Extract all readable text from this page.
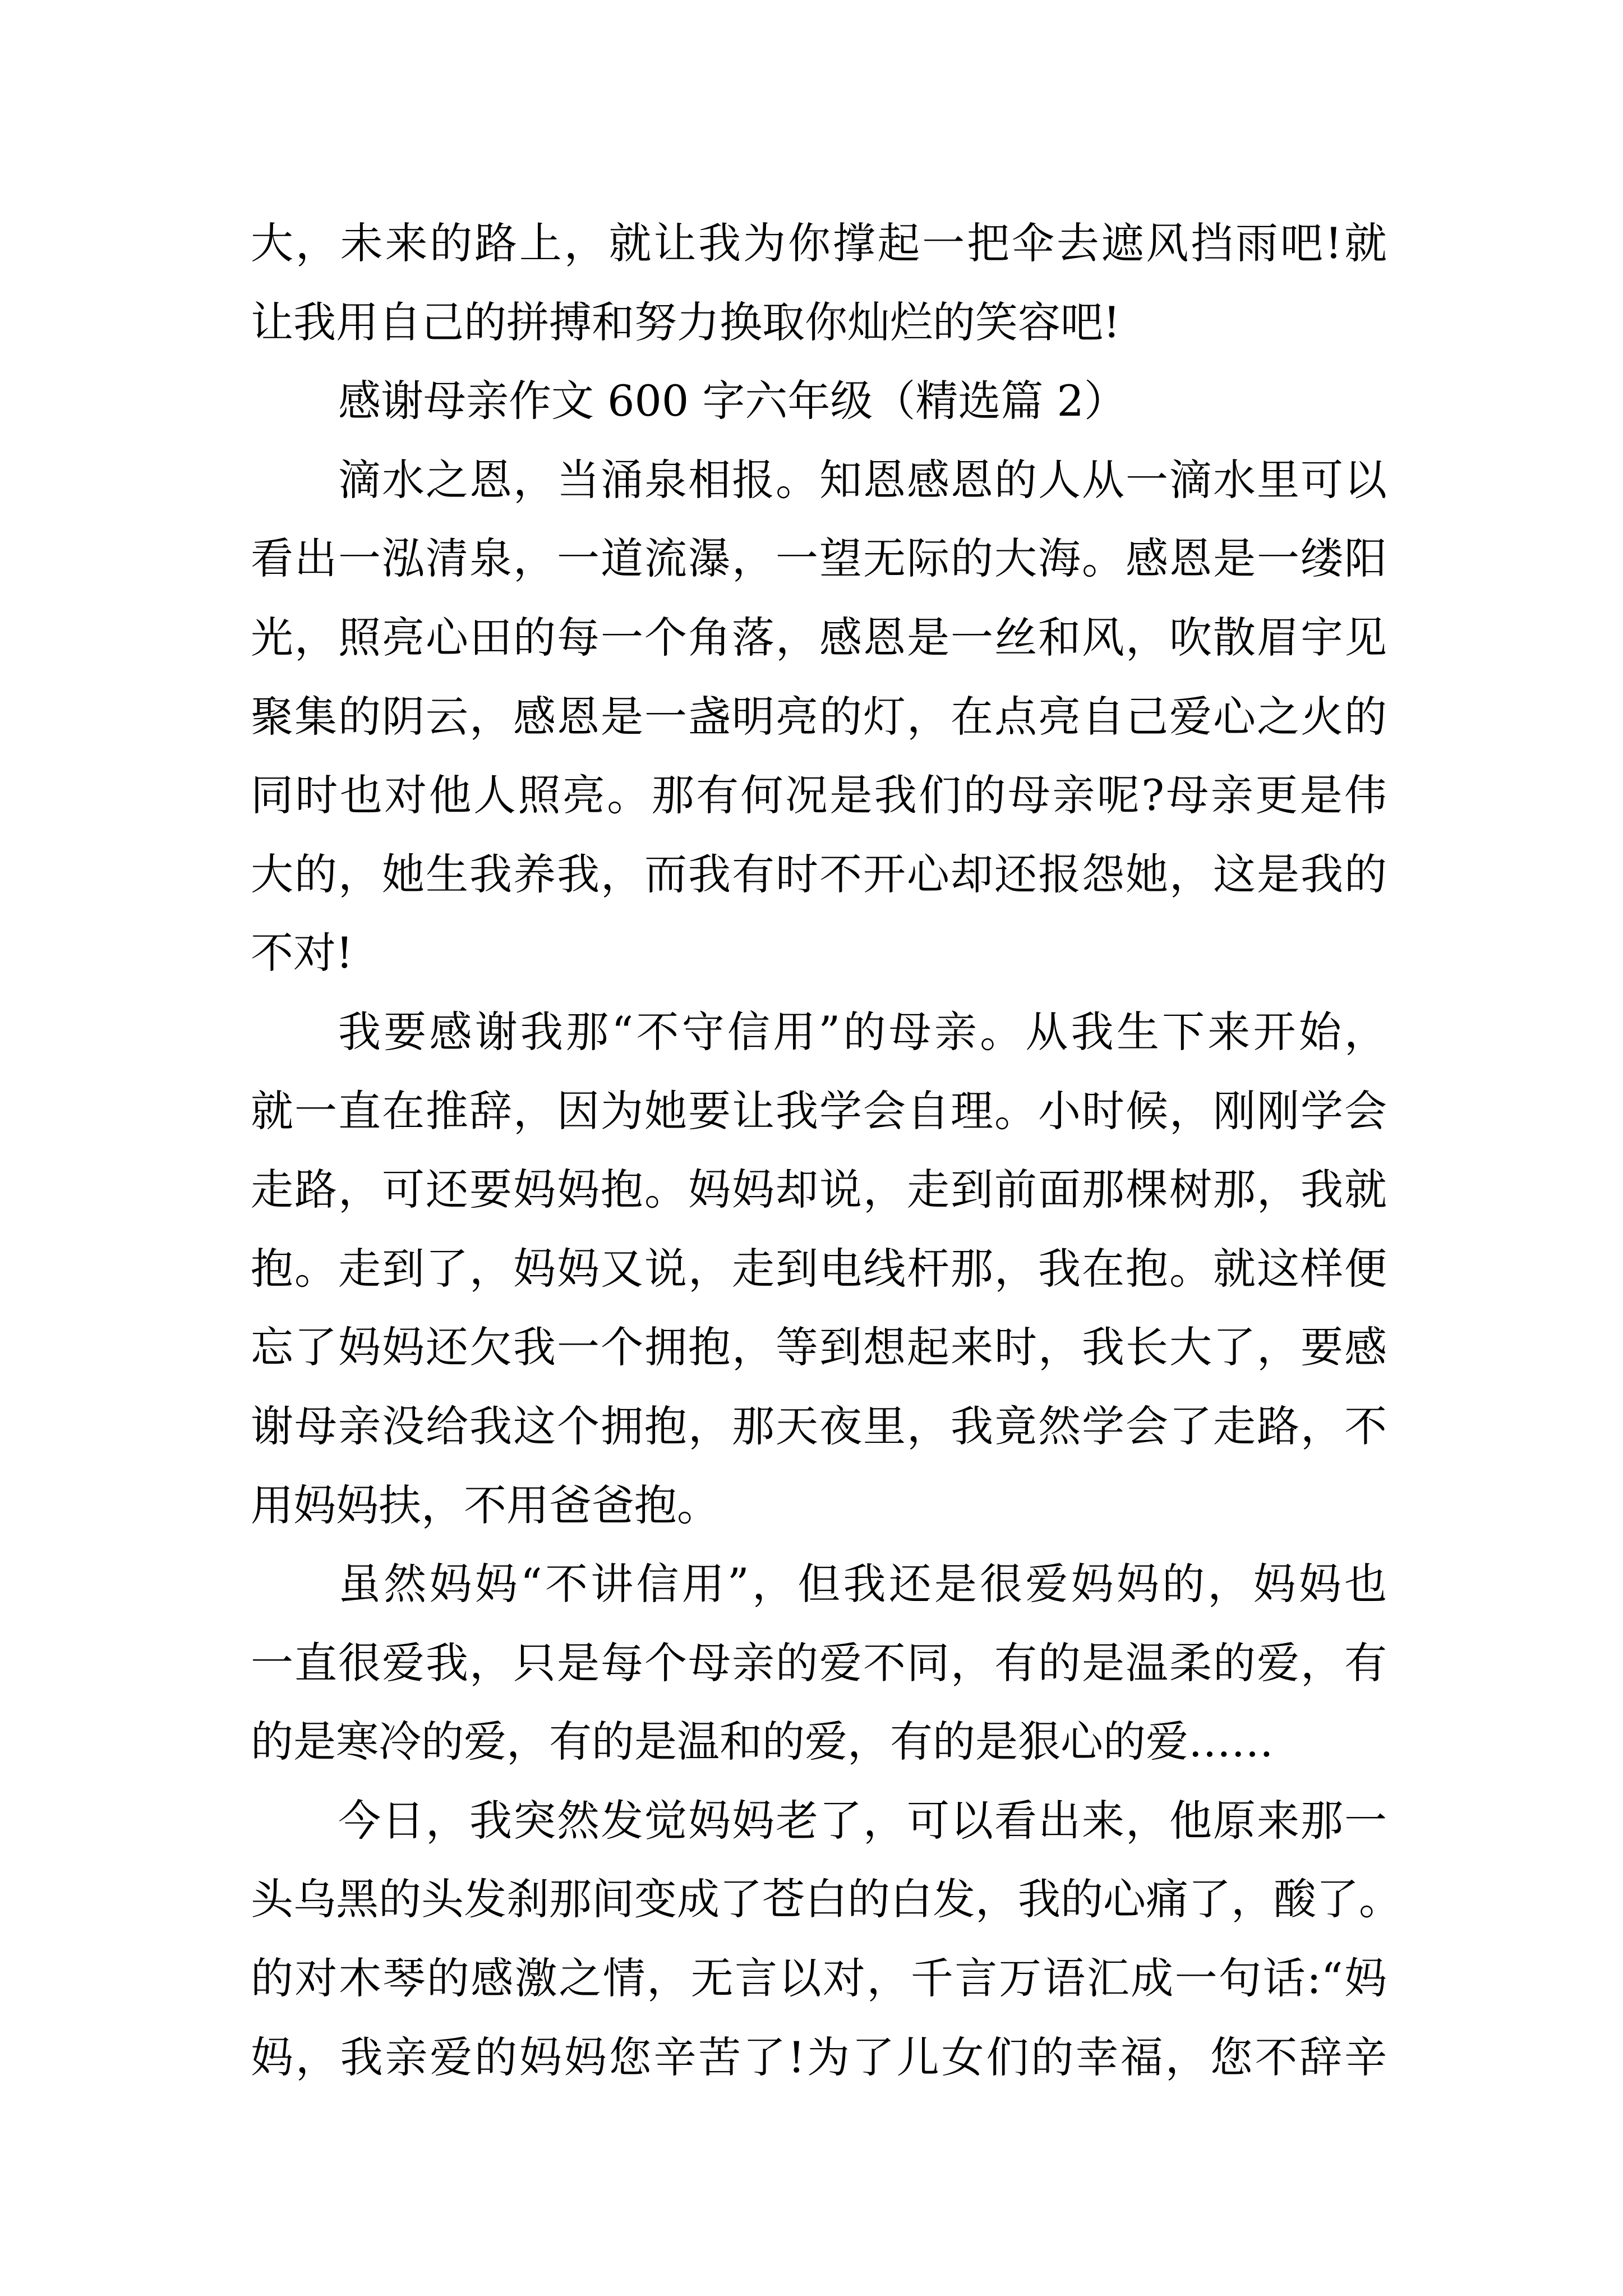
大，未来的路上，就让我为你撑起一把伞去遮风挡雨吧!就
让我用自己的拼搏和努力换取你灿烂的笑容吧!
感谢母亲作文 600 字六年级（精选篇 2）
滴水之恩，当涌泉相报。知恩感恩的人从一滴水里可以
看出一泓清泉，一道流瀑，一望无际的大海。感恩是一缕阳
光，照亮心田的每一个角落，感恩是一丝和风，吹散眉宇见
聚集的阴云，感恩是一盏明亮的灯，在点亮自己爱心之火的
同时也对他人照亮。那有何况是我们的母亲呢?母亲更是伟
大的，她生我养我，而我有时不开心却还报怨她，这是我的
不对!
我要感谢我那“不守信用”的母亲。从我生下来开始，
就一直在推辞，因为她要让我学会自理。小时候，刚刚学会
走路，可还要妈妈抱。妈妈却说，走到前面那棵树那，我就
抱。走到了，妈妈又说，走到电线杆那，我在抱。就这样便
忘了妈妈还欠我一个拥抱，等到想起来时，我长大了，要感
谢母亲没给我这个拥抱，那天夜里，我竟然学会了走路，不
用妈妈扶，不用爸爸抱。
虽然妈妈“不讲信用”，但我还是很爱妈妈的，妈妈也
一直很爱我，只是每个母亲的爱不同，有的是温柔的爱，有
的是寒冷的爱，有的是温和的爱，有的是狠心的爱……
今日，我突然发觉妈妈老了，可以看出来，他原来那一
头乌黑的头发刹那间变成了苍白的白发，我的心痛了，酸了。
的对木琴的感激之情，无言以对，千言万语汇成一句话:“妈
妈，我亲爱的妈妈您辛苦了!为了儿女们的幸福，您不辞辛
